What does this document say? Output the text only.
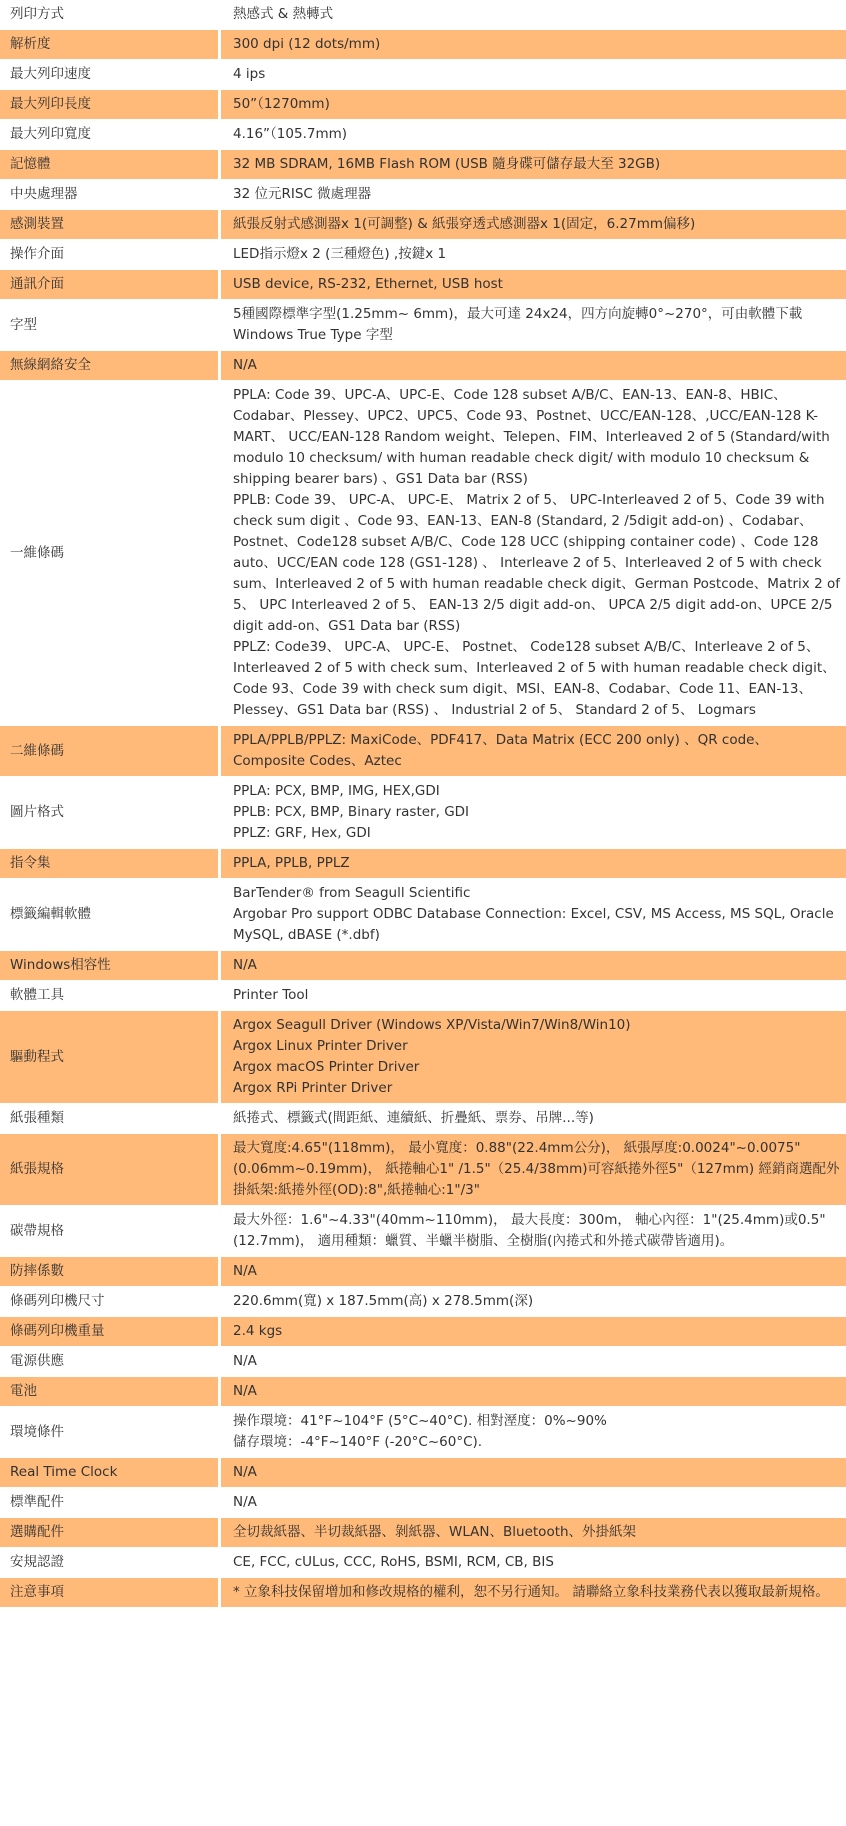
列印方式	熱感式 & 熱轉式

解析度	300 dpi (12 dots/mm)

最大列印速度	4 ips

最大列印長度	50”（1270mm)

最大列印寬度	4.16”（105.7mm)

記憶體	32 MB SDRAM, 16MB Flash ROM (USB 隨身碟可儲存最大至 32GB)

中央處理器	32 位元RISC 微處理器

感測裝置	紙張反射式感測器x 1(可調整) & 紙張穿透式感測器x 1(固定，6.27mm偏移)

操作介面	LED指示燈x 2 (三種燈色) ,按鍵x 1

通訊介面	USB device, RS-232, Ethernet, USB host

字型	5種國際標準字型(1.25mm~ 6mm)，最大可達 24x24，四方向旋轉0°~270°，可由軟體下載 Windows True Type 字型

無線網絡安全	N/A

一維條碼	PPLA: Code 39、UPC-A、UPC-E、Code 128 subset A/B/C、EAN-13、EAN-8、HBIC、Codabar、Plessey、UPC2、UPC5、Code 93、Postnet、UCC/EAN-128、,UCC/EAN-128 K-MART、 UCC/EAN-128 Random weight、Telepen、FIM、Interleaved 2 of 5 (Standard/with modulo 10 checksum/ with human readable check digit/ with modulo 10 checksum & shipping bearer bars) 、GS1 Data bar (RSS)
PPLB: Code 39、 UPC-A、 UPC-E、 Matrix 2 of 5、 UPC-Interleaved 2 of 5、Code 39 with check sum digit 、Code 93、EAN-13、EAN-8 (Standard, 2 /5digit add-on) 、Codabar、Postnet、Code128 subset A/B/C、Code 128 UCC (shipping container code) 、Code 128 auto、UCC/EAN code 128 (GS1-128) 、 Interleave 2 of 5、Interleaved 2 of 5 with check sum、Interleaved 2 of 5 with human readable check digit、German Postcode、Matrix 2 of 5、 UPC Interleaved 2 of 5、 EAN-13 2/5 digit add-on、 UPCA 2/5 digit add-on、UPCE 2/5 digit add-on、GS1 Data bar (RSS)
PPLZ: Code39、 UPC-A、 UPC-E、 Postnet、 Code128 subset A/B/C、Interleave 2 of 5、Interleaved 2 of 5 with check sum、Interleaved 2 of 5 with human readable check digit、Code 93、Code 39 with check sum digit、MSI、EAN-8、Codabar、Code 11、EAN-13、Plessey、GS1 Data bar (RSS) 、 Industrial 2 of 5、 Standard 2 of 5、 Logmars

二維條碼	PPLA/PPLB/PPLZ: MaxiCode、PDF417、Data Matrix (ECC 200 only) 、QR code、Composite Codes、Aztec

圖片格式	PPLA: PCX, BMP, IMG, HEX,GDI
PPLB: PCX, BMP, Binary raster, GDI
PPLZ: GRF, Hex, GDI

指令集	PPLA, PPLB, PPLZ

標籤編輯軟體	BarTender® from Seagull Scientific
Argobar Pro support ODBC Database Connection: Excel, CSV, MS Access, MS SQL, Oracle MySQL, dBASE (*.dbf)

Windows相容性	N/A

軟體工具	Printer Tool

驅動程式	Argox Seagull Driver (Windows XP/Vista/Win7/Win8/Win10)
Argox Linux Printer Driver
Argox macOS Printer Driver
Argox RPi Printer Driver

紙張種類	紙捲式、標籤式(間距紙、連續紙、折疊紙、票券、吊牌...等)

紙張規格	最大寬度:4.65"(118mm)， 最小寬度：0.88"(22.4mm公分)， 紙張厚度:0.0024"~0.0075"(0.06mm~0.19mm)， 紙捲軸心1" /1.5"（25.4/38mm)可容紙捲外徑5"（127mm) 經銷商選配外掛紙架:紙捲外徑(OD):8",紙捲軸心:1"/3"

碳帶規格	最大外徑：1.6"~4.33"(40mm~110mm)， 最大長度：300m， 軸心內徑：1"(25.4mm)或0.5"(12.7mm)， 適用種類：蠟質、半蠟半樹脂、全樹脂(內捲式和外捲式碳帶皆適用)。

防摔係數	N/A

條碼列印機尺寸	220.6mm(寬) x 187.5mm(高) x 278.5mm(深)

條碼列印機重量	2.4 kgs

電源供應	N/A

電池	N/A

環境條件	操作環境：41°F~104°F (5°C~40°C). 相對溼度：0%~90%
儲存環境：-4°F~140°F (-20°C~60°C).

Real Time Clock	N/A

標準配件	N/A

選購配件	全切裁紙器、半切裁紙器、剝紙器、WLAN、Bluetooth、外掛紙架

安規認證	CE, FCC, cULus, CCC, RoHS, BSMI, RCM, CB, BIS

注意事項	* 立象科技保留增加和修改規格的權利，恕不另行通知。 請聯絡立象科技業務代表以獲取最新規格。
